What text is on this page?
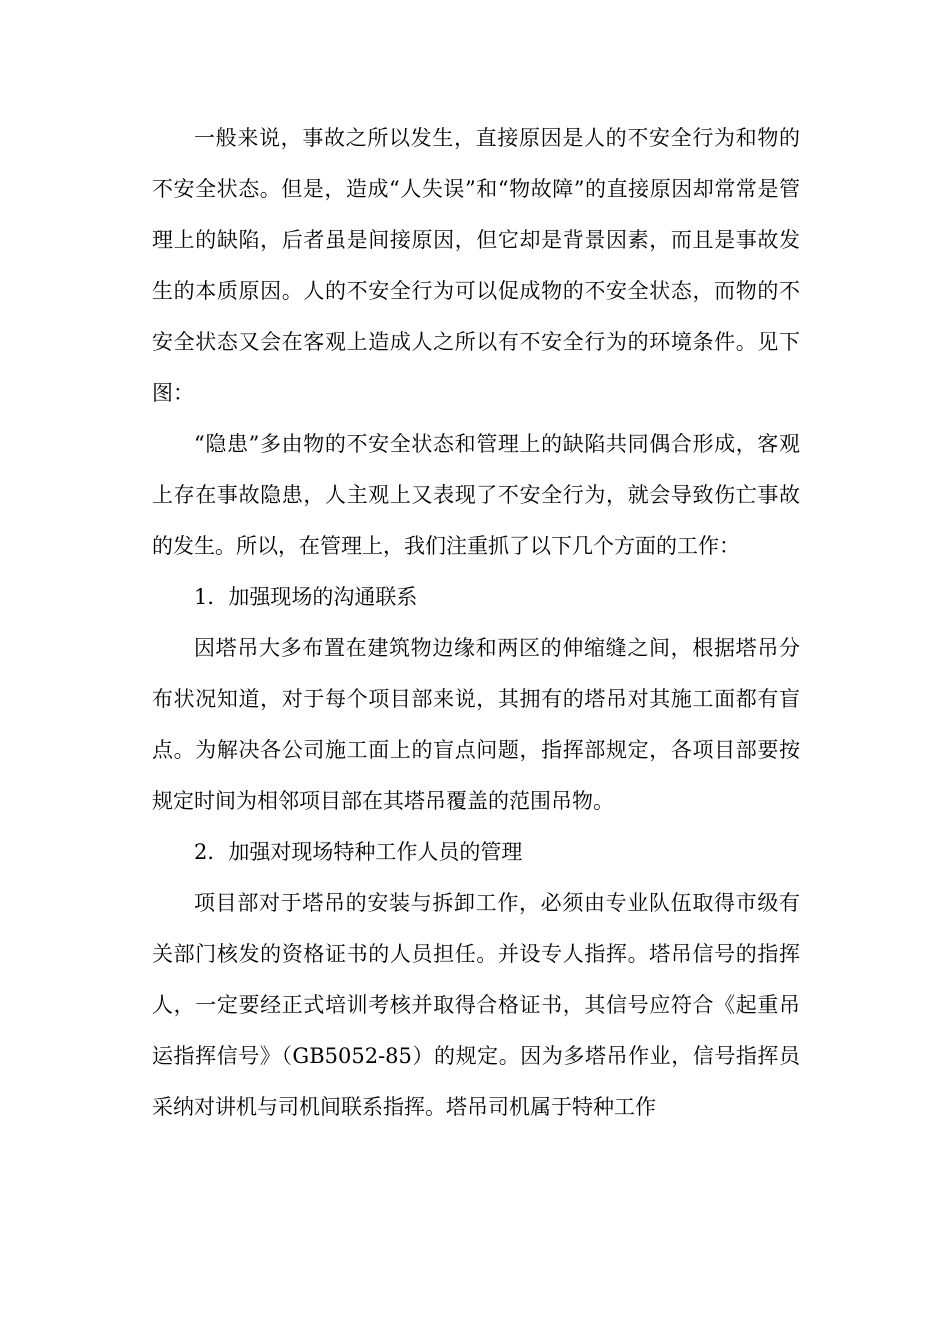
一般来说，事故之所以发生，直接原因是人的不安全行为和物的不安全状态。但是，造成“人失误”和“物故障”的直接原因却常常是管理上的缺陷，后者虽是间接原因，但它却是背景因素，而且是事故发生的本质原因。人的不安全行为可以促成物的不安全状态，而物的不安全状态又会在客观上造成人之所以有不安全行为的环境条件。见下图：

“隐患”多由物的不安全状态和管理上的缺陷共同偶合形成，客观上存在事故隐患，人主观上又表现了不安全行为，就会导致伤亡事故的发生。所以，在管理上，我们注重抓了以下几个方面的工作：

1．加强现场的沟通联系

因塔吊大多布置在建筑物边缘和两区的伸缩缝之间，根据塔吊分布状况知道，对于每个项目部来说，其拥有的塔吊对其施工面都有盲点。为解决各公司施工面上的盲点问题，指挥部规定，各项目部要按规定时间为相邻项目部在其塔吊覆盖的范围吊物。

2．加强对现场特种工作人员的管理

项目部对于塔吊的安装与拆卸工作，必须由专业队伍取得市级有关部门核发的资格证书的人员担任。并设专人指挥。塔吊信号的指挥人，一定要经正式培训考核并取得合格证书，其信号应符合《起重吊运指挥信号》（GB5052-85）的规定。因为多塔吊作业，信号指挥员采纳对讲机与司机间联系指挥。塔吊司机属于特种工作
